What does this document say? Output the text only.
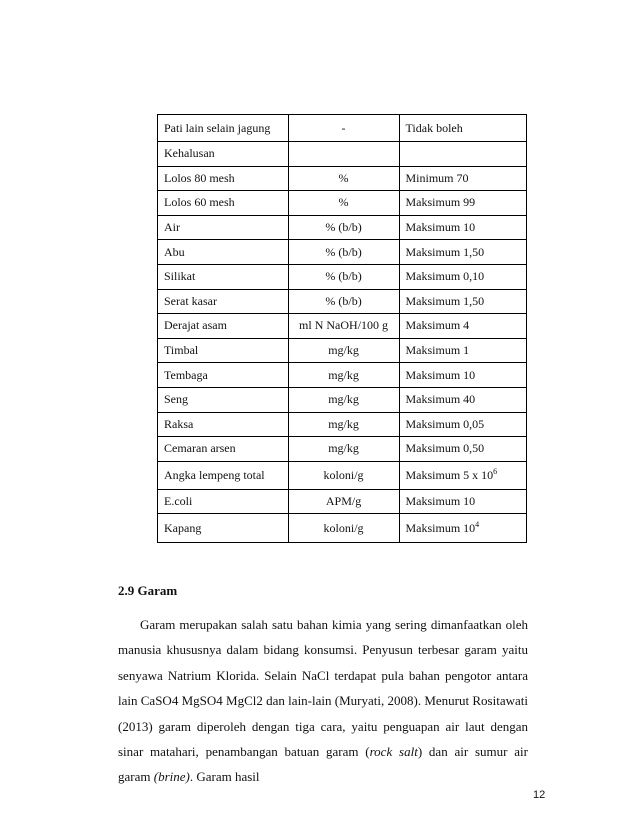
Pati lain selain jagung	-	Tidak boleh
Kehalusan		
Lolos 80 mesh	%	Minimum 70
Lolos 60 mesh	%	Maksimum 99
Air	% (b/b)	Maksimum 10
Abu	% (b/b)	Maksimum 1,50
Silikat	% (b/b)	Maksimum 0,10
Serat kasar	% (b/b)	Maksimum 1,50
Derajat asam	ml N NaOH/100 g	Maksimum 4
Timbal	mg/kg	Maksimum 1
Tembaga	mg/kg	Maksimum 10
Seng	mg/kg	Maksimum 40
Raksa	mg/kg	Maksimum 0,05
Cemaran arsen	mg/kg	Maksimum 0,50
Angka lempeng total	koloni/g	Maksimum 5 x $10^6$
E.coli	APM/g	Maksimum 10
Kapang	koloni/g	Maksimum $10^4$
2.9 Garam

Garam merupakan salah satu bahan kimia yang sering dimanfaatkan oleh manusia khususnya dalam bidang konsumsi. Penyusun terbesar garam yaitu senyawa Natrium Klorida. Selain NaCl terdapat pula bahan pengotor antara lain CaSO4 MgSO4 MgCl2 dan lain-lain (Muryati, 2008). Menurut Rositawati (2013) garam diperoleh dengan tiga cara, yaitu penguapan air laut dengan sinar matahari, penambangan batuan garam (rock salt) dan air sumur air garam (brine). Garam hasil

12
